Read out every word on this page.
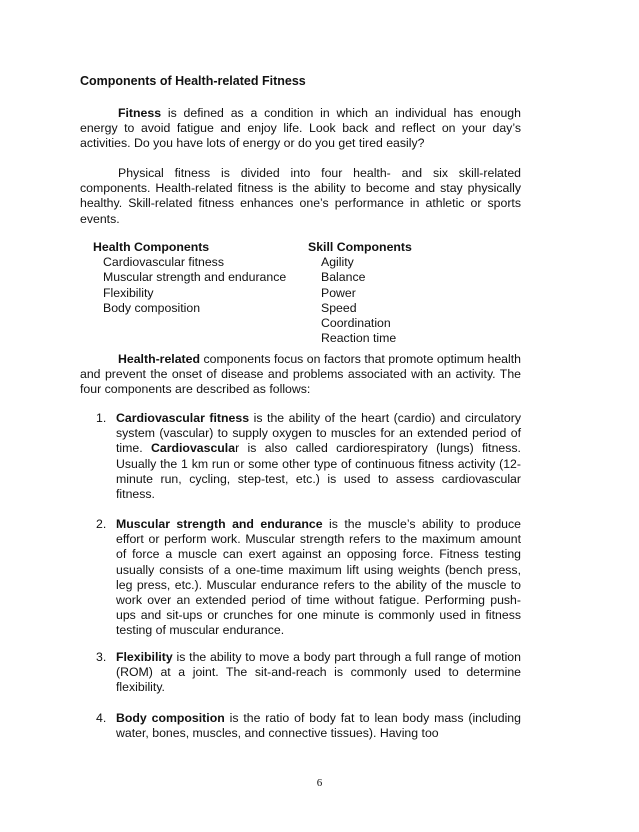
Components of Health-related Fitness
Fitness is defined as a condition in which an individual has enough energy to avoid fatigue and enjoy life. Look back and reflect on your day’s activities. Do you have lots of energy or do you get tired easily?
Physical fitness is divided into four health- and six skill-related components. Health-related fitness is the ability to become and stay physically healthy. Skill-related fitness enhances one’s performance in athletic or sports events.
Health Components
Cardiovascular fitness
Muscular strength and endurance
Flexibility
Body composition
Skill Components
Agility
Balance
Power
Speed
Coordination
Reaction time
Health-related components focus on factors that promote optimum health and prevent the onset of disease and problems associated with an activity. The four components are described as follows:
1. Cardiovascular fitness is the ability of the heart (cardio) and circulatory system (vascular) to supply oxygen to muscles for an extended period of time. Cardiovascular is also called cardiorespiratory (lungs) fitness. Usually the 1 km run or some other type of continuous fitness activity (12-minute run, cycling, step-test, etc.) is used to assess cardiovascular fitness.
2. Muscular strength and endurance is the muscle’s ability to produce effort or perform work. Muscular strength refers to the maximum amount of force a muscle can exert against an opposing force. Fitness testing usually consists of a one-time maximum lift using weights (bench press, leg press, etc.). Muscular endurance refers to the ability of the muscle to work over an extended period of time without fatigue. Performing push-ups and sit-ups or crunches for one minute is commonly used in fitness testing of muscular endurance.
3. Flexibility is the ability to move a body part through a full range of motion (ROM) at a joint. The sit-and-reach is commonly used to determine flexibility.
4. Body composition is the ratio of body fat to lean body mass (including water, bones, muscles, and connective tissues). Having too
6
